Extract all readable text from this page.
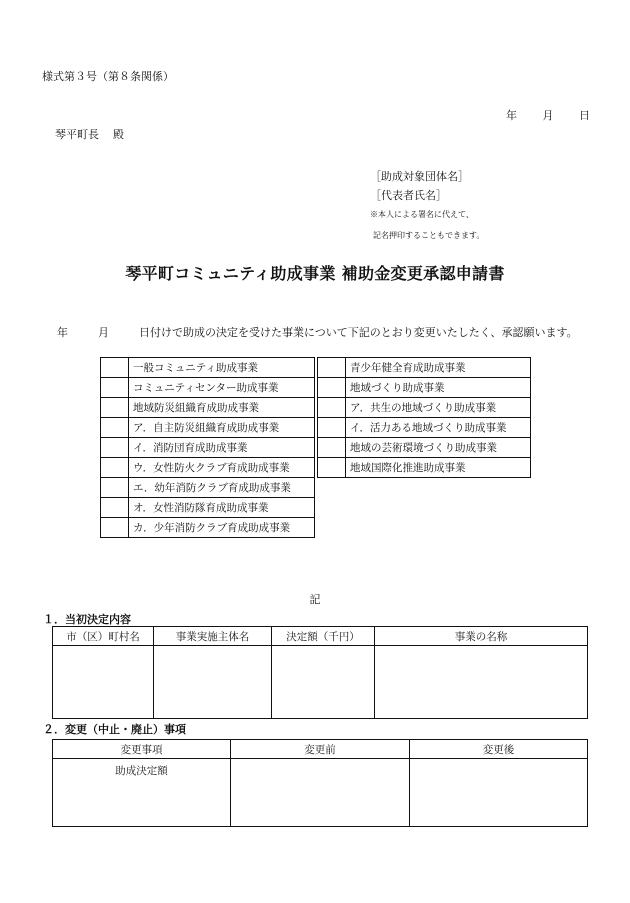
様式第３号（第８条関係）
年 月 日
琴平町長 殿
［助成対象団体名］
［代表者氏名］
※本人による署名に代えて、
記名押印することもできます。
琴平町コミュニティ助成事業 補助金変更承認申請書
年	月	日付けで助成の決定を受けた事業について下記のとおり変更いたしたく、承認願います。
	一般コミュニティ助成事業
	コミュニティセンター助成事業
	地域防災組織育成助成事業
	ア．自主防災組織育成助成事業
	イ．消防団育成助成事業
	ウ．女性防火クラブ育成助成事業
	エ．幼年消防クラブ育成助成事業
	オ．女性消防隊育成助成事業
	カ．少年消防クラブ育成助成事業
	青少年健全育成助成事業
	地域づくり助成事業
	ア．共生の地域づくり助成事業
	イ．活力ある地域づくり助成事業
	地域の芸術環境づくり助成事業
	地域国際化推進助成事業
記
１．当初決定内容
市（区）町村名	事業実施主体名	決定額（千円）	事業の名称

２．変更（中止・廃止）事項
変更事項	変更前	変更後
助成決定額		
